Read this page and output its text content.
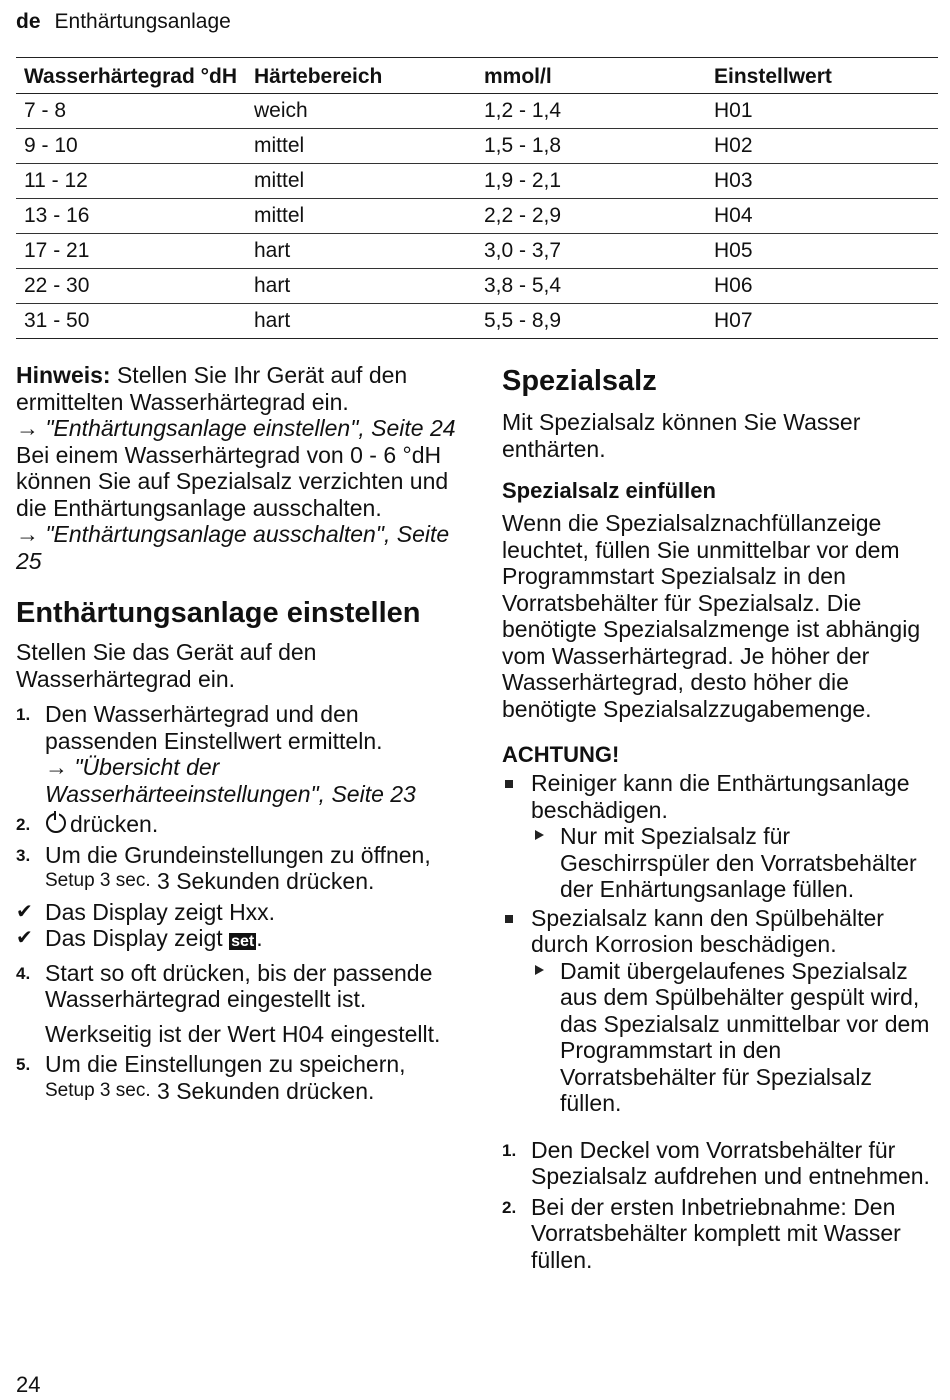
de Enthärtungsanlage
Wasserhärtegrad °dH	Härtebereich	mmol/l	Einstellwert
7 - 8	weich	1,2 - 1,4	H01
9 - 10	mittel	1,5 - 1,8	H02
11 - 12	mittel	1,9 - 2,1	H03
13 - 16	mittel	2,2 - 2,9	H04
17 - 21	hart	3,0 - 3,7	H05
22 - 30	hart	3,8 - 5,4	H06
31 - 50	hart	5,5 - 8,9	H07

Hinweis: Stellen Sie Ihr Gerät auf den ermittelten Wasserhärtegrad ein.

→ "Enthärtungsanlage einstellen", Seite 24

Bei einem Wasserhärtegrad von 0 - 6 °dH können Sie auf Spezialsalz verzichten und die Enthärtungsanlage ausschalten.

→ "Enthärtungsanlage ausschalten", Seite 25

Enthärtungsanlage einstellen

Stellen Sie das Gerät auf den Wasserhärtegrad ein.

1. Den Wasserhärtegrad und den passenden Einstellwert ermitteln.
→ "Übersicht der Wasserhärteeinstellungen", Seite 23
2. drücken.
3. Um die Grundeinstellungen zu öffnen, Setup 3 sec. 3 Sekunden drücken.
✔ Das Display zeigt Hxx.
✔ Das Display zeigt set.
4. Start so oft drücken, bis der passende Wasserhärtegrad eingestellt ist.

Werkseitig ist der Wert H04 eingestellt.

5. Um die Einstellungen zu speichern, Setup 3 sec. 3 Sekunden drücken.
Spezialsalz

Mit Spezialsalz können Sie Wasser enthärten.

Spezialsalz einfüllen

Wenn die Spezialsalznachfüllanzeige leuchtet, füllen Sie unmittelbar vor dem Programmstart Spezialsalz in den Vorratsbehälter für Spezialsalz. Die benötigte Spezialsalzmenge ist abhängig vom Wasserhärtegrad. Je höher der Wasserhärtegrad, desto höher die benötigte Spezialsalzzugabemenge.

ACHTUNG!
Reiniger kann die Enthärtungsanlage beschädigen.
Nur mit Spezialsalz für Geschirrspüler den Vorratsbehälter der Enhärtungsanlage füllen.
Spezialsalz kann den Spülbehälter durch Korrosion beschädigen.
Damit übergelaufenes Spezialsalz aus dem Spülbehälter gespült wird, das Spezialsalz unmittelbar vor dem Programmstart in den Vorratsbehälter für Spezialsalz füllen.
1. Den Deckel vom Vorratsbehälter für Spezialsalz aufdrehen und entnehmen.
2. Bei der ersten Inbetriebnahme: Den Vorratsbehälter komplett mit Wasser füllen.
24
